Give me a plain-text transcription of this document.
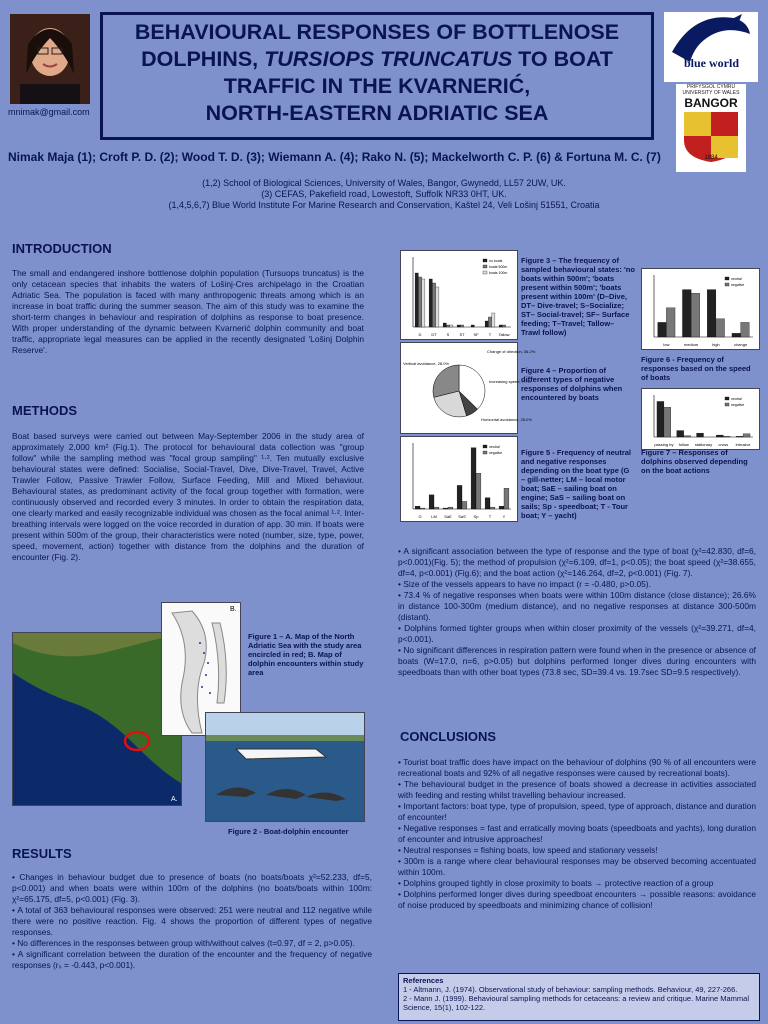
mnimak@gmail.com
BEHAVIOURAL RESPONSES OF BOTTLENOSE
DOLPHINS, TURSIOPS TRUNCATUS TO BOAT
TRAFFIC IN THE KVARNERIĆ,
NORTH-EASTERN ADRIATIC SEA
blue world
PRIFYSGOL CYMRU
UNIVERSITY OF WALES
BANGOR
1884
Nimak Maja (1); Croft P. D. (2); Wood T. D. (3); Wiemann A. (4); Rako N. (5); Mackelworth C. P. (6) & Fortuna M. C. (7)
(1,2) School of Biological Sciences, University of Wales, Bangor, Gwynedd, LL57 2UW, UK.
(3) CEFAS, Pakefield road, Lowestoft, Suffolk NR33 0HT, UK.
(1,4,5,6,7) Blue World Institute For Marine Research and Conservation, Kaštel 24, Veli Lošinj 51551, Croatia
INTRODUCTION
The small and endangered inshore bottlenose dolphin population (Tursuops truncatus) is the only cetacean species that inhabits the waters of Lošinj-Cres archipelago in the Croatian Adriatic Sea. The population is faced with many anthropogenic threats among which is an increase in boat traffic during the summer season. The aim of this study was to examine the short-term changes in behaviour and respiration of dolphins as response to boat presence. With proper understanding of the dynamic between Kvarnerić dolphin community and boat traffic, appropriate legal measures can be applied in the recently designated 'Lošinj Dolphin Reserve'.
METHODS
Boat based surveys were carried out between May-September 2006 in the study area of approximately 2,000 km² (Fig.1). The protocol for behavioural data collection was "group follow" while the sampling method was "focal group sampling" ¹·². Ten mutually exclusive behavioural states were defined: Socialise, Social-Travel, Dive, Dive-Travel, Travel, Active Trawler Follow, Passive Trawler Follow, Surface Feeding, Mill and Mixed behaviour. Behavioural states, as predominant activity of the focal group together with formation, were continuously observed and recorded every 3 minutes. In order to obtain the respiration data, one clearly marked and easily recognizable individual was chosen as the focal animal ¹·². Inter-breathing intervals were logged on the voice recorded in duration of app. 30 min. If boats were present within 500m of the group, their characteristics were noted (number, size, type, power, speed, movement, action) together with distance from the dolphins and the duration of encounter (Fig. 2).
A.
B.
Figure 1 – A. Map of the North Adriatic Sea with the study area encircled in red; B. Map of dolphin encounters within study area
Figure 2 - Boat-dolphin encounter
RESULTS

• Changes in behaviour budget due to presence of boats (no boats/boats χ²=52.233, df=5, p<0.001) and when boats were within 100m of the dolphins (no boats/boats within 100m: χ²=65.175, df=5, p<0.001) (Fig. 3).

• A total of 363 behavioural responses were observed: 251 were neutral and 112 negative while there were no positive reaction. Fig. 4 shows the proportion of different types of negative responses.

• No differences in the responses between group with/without calves (t=0.97, df = 2, p>0.05).

• A significant correlation between the duration of the encounter and the frequency of negative responses (rₛ = -0.443, p<0.001).

D DT S	ST SF	T Tallow
no boats
boats 500m
boats 100m
Figure 3 – The frequency of sampled behavioural states: 'no boats within 500m'; 'boats present within 500m'; 'boats present within 100m' (D–Dive, DT– Dive-travel; S–Socialize; ST– Social-travel; SF– Surface feeding; T–Travel; Tallow– Trawl follow)
Change of direction, 36.2%
Increasing speed, 7.7%
Horizontal avoidance, 25.0%
Vertical avoidance, 28.0%
Figure 4 – Proportion of different types of negative responses of dolphins when encountered by boats
G LM SaE SaS Sp	T	Y
neutral
negative	Figure 5 - Frequency of neutral and negative responses depending on the boat type (G – gill-netter; LM – local motor boat; SaE – sailing boat on engine; SaS – sailing boat on sails; Sp - speedboat; T - Tour boat; Y – yacht)
low	medium	high	change
neutral
negative
Figure 6 - Frequency of responses based on the speed of boats
passing by follow stationary cross intrusive
neutral
negative
Figure 7 – Responses of dolphins observed depending on the boat actions

• A significant association between the type of response and the type of boat (χ²=42.830, df=6, p<0.001)(Fig. 5); the method of propulsion (χ²=6.109, df=1, p<0.05); the boat speed (χ²=38.655, df=4, p<0.001) (Fig.6); and the boat action (χ²=146.264, df=2, p<0.001) (Fig. 7).

• Size of the vessels appears to have no impact (r = -0.480, p>0.05).

• 73.4 % of negative responses when boats were within 100m distance (close distance); 26.6% in distance 100-300m (medium distance), and no negative responses at distance 300-500m (distant).

• Dolphins formed tighter groups when within closer proximity of the vessels (χ²=39.271, df=4, p<0.001).

• No significant differences in respiration pattern were found when in the presence or absence of boats (W=17.0, n=6, p>0.05) but dolphins performed longer dives during encounters with speedboats than with other boat types (73.8 sec, SD=39.4 vs. 19.7sec SD=9.5 respectively).

CONCLUSIONS

• Tourist boat traffic does have impact on the behaviour of dolphins (90 % of all encounters were recreational boats and 92% of all negative responses were caused by recreational boats).

• The behavioural budget in the presence of boats showed a decrease in activities associated with feeding and resting whilst travelling behaviour increased.

• Important factors: boat type, type of propulsion, speed, type of approach, distance and duration of encounter!

• Negative responses = fast and erratically moving boats (speedboats and yachts), long duration of encounter and intrusive approaches!

• Neutral responses = fishing boats, low speed and stationary vessels!

• 300m is a range where clear behavioural responses may be observed becoming accentuated within 100m.

• Dolphins grouped tightly in close proximity to boats → protective reaction of a group

• Dolphins performed longer dives during speedboat encounters → possible reasons: avoidance of noise produced by speedboats and minimizing chance of collision!

References
1 - Altmann, J. (1974). Observational study of behaviour: sampling methods. Behaviour, 49, 227-266.
2 - Mann J. (1999). Behavioural sampling methods for cetaceans: a review and critique. Marine Mammal Science, 15(1), 102-122.
